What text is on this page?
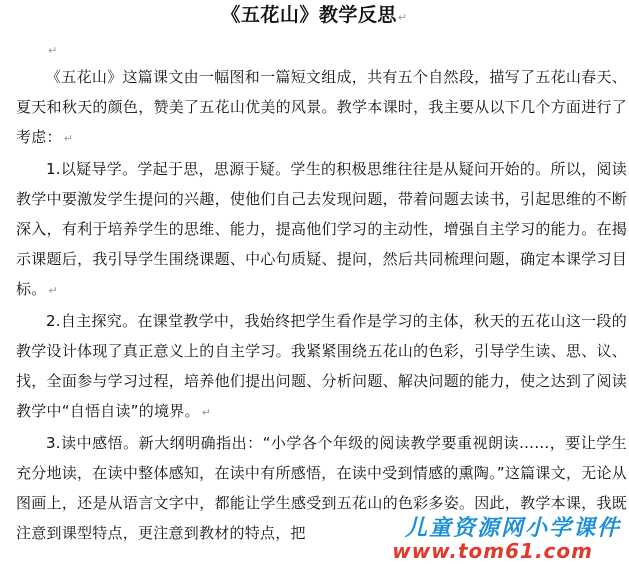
《五花山》教学反思↵
↵

《五花山》这篇课文由一幅图和一篇短文组成，共有五个自然段，描写了五花山春天、夏天和秋天的颜色，赞美了五花山优美的风景。教学本课时，我主要从以下几个方面进行了考虑： ↵

1.以疑导学。学起于思，思源于疑。学生的积极思维往往是从疑问开始的。所以，阅读教学中要激发学生提问的兴趣，使他们自己去发现问题，带着问题去读书，引起思维的不断深入，有利于培养学生的思维、能力，提高他们学习的主动性，增强自主学习的能力。在揭示课题后，我引导学生围绕课题、中心句质疑、提问，然后共同梳理问题，确定本课学习目标。 ↵

2.自主探究。在课堂教学中，我始终把学生看作是学习的主体，秋天的五花山这一段的教学设计体现了真正意义上的自主学习。我紧紧围绕五花山的色彩，引导学生读、思、议、找，全面参与学习过程，培养他们提出问题、分析问题、解决问题的能力，使之达到了阅读教学中“自悟自读”的境界。 ↵

3.读中感悟。新大纲明确指出：“小学各个年级的阅读教学要重视朗读……，要让学生充分地读，在读中整体感知，在读中有所感悟，在读中受到情感的熏陶。”这篇课文，无论从图画上，还是从语言文字中，都能让学生感受到五花山的色彩多姿。因此，教学本课，我既注意到课型特点，更注意到教材的特点，把	儿童资源网小学课件
www.tom61.com
